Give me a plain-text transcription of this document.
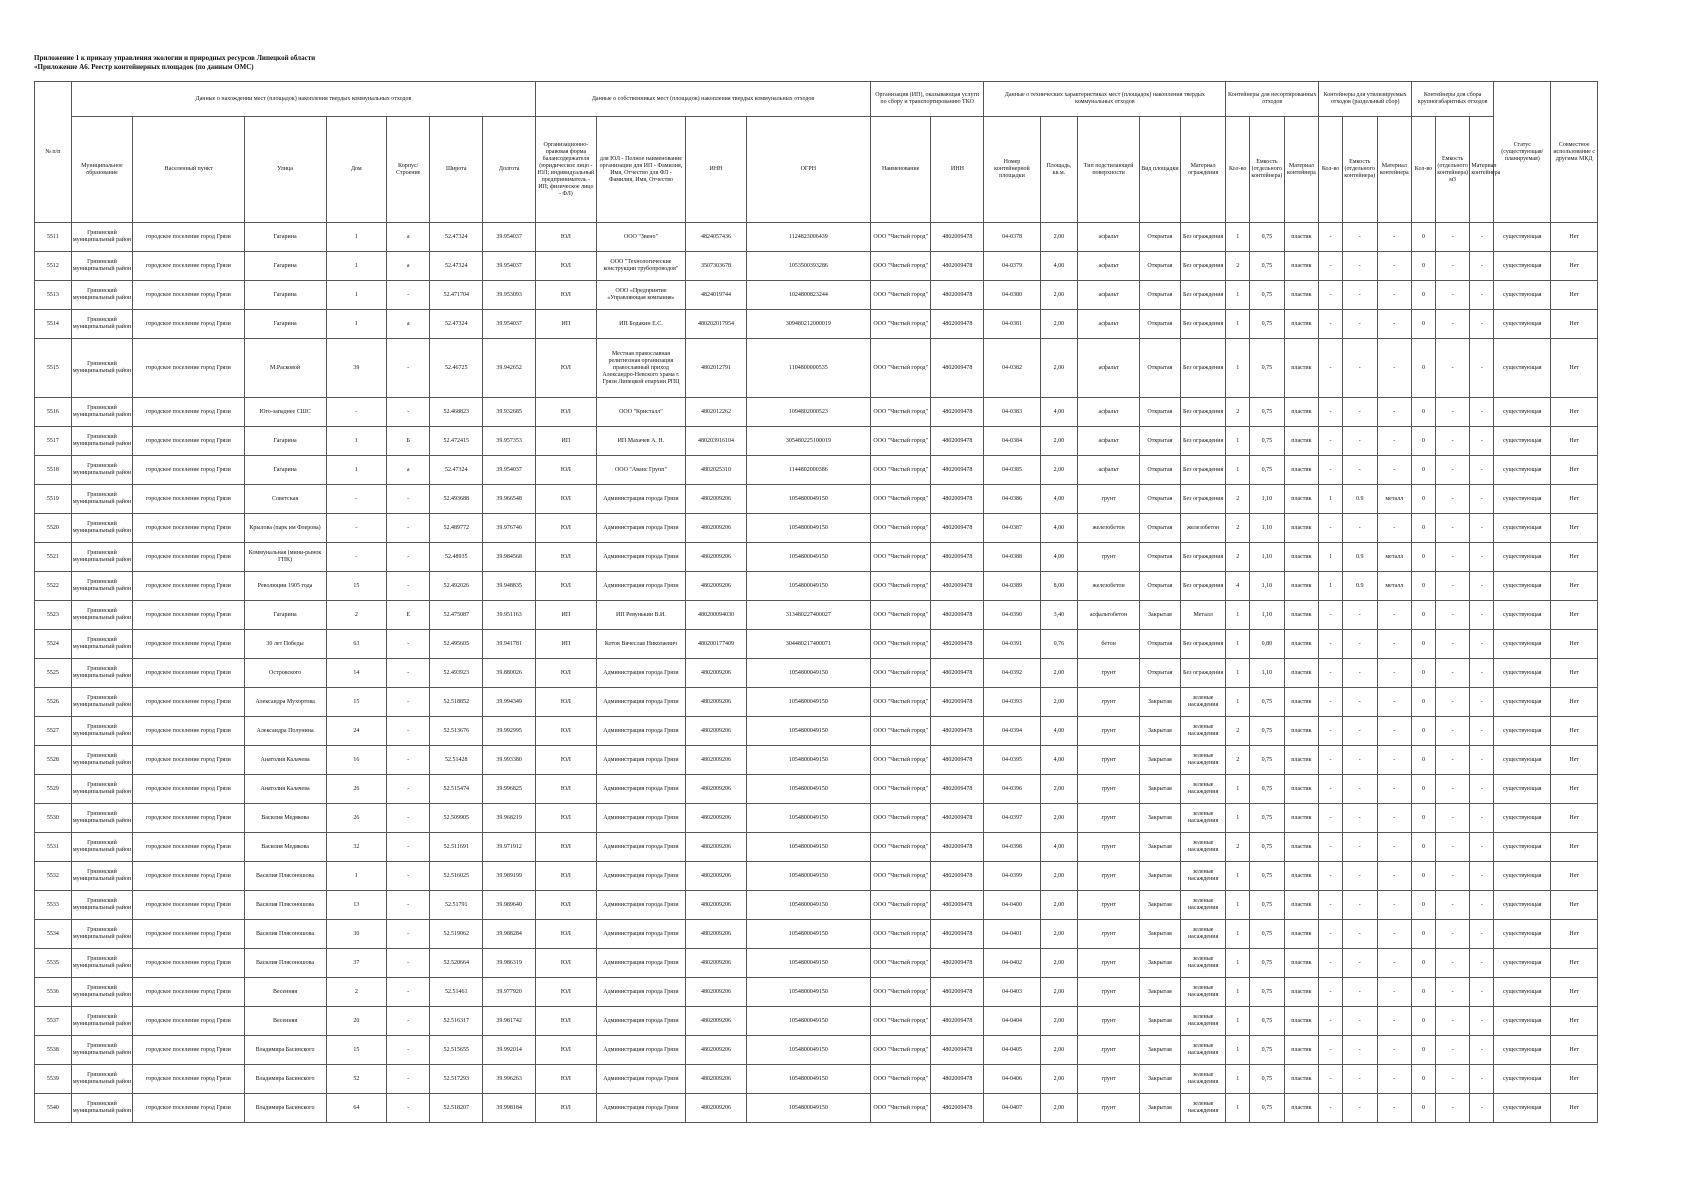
Приложение 1 к приказу управления экологии и природных ресурсов Липецкой области
«Приложение А6. Реестр контейнерных площадок (по данным ОМС)
№ п/п	Данные о нахождении мест (площадок) накопления твердых коммунальных отходов							Данные о собственниках мест (площадок) накопления твердых коммунальных отходов				Организация (ИП), оказывающая услуги по сбору и транспортированию ТКО		Данные о технических характеристиках мест (площадок) накопления твердых коммунальных отходов					Контейнеры для несортированных отходов			Контейнеры для утилизируемых отходов (раздельный сбор)			Контейнеры для сбора крупногабаритных отходов			Статус (существующая/планируемая)	Совместное использование с другими МКД
	Муниципальное образование	Населенный пункт	Улица	Дом	Корпус/Строение	Широта	Долгота	Организационно-правовая форма балансодержателя (юридическое лицо - ЮЛ; индивидуальный предприниматель - ИП; физическое лицо - ФЛ)	для ЮЛ - Полное наименование организации для ИП - Фамилия, Имя, Отчество для ФЛ - Фамилия, Имя, Отчество	ИНН	ОГРН	Наименование	ИНН	Номер контейнерной площадки	Площадь, кв.м.	Тип подстилающей поверхности	Вид площадки	Материал ограждения	Кол-во	Емкость (отдельного контейнера)	Материал контейнера	Кол-во	Емкость (отдельного контейнера)	Материал контейнера	Кол-во	Емкость (отдельного контейнера) м3	Материал контейнера		
5511	Грязинский муниципальный район	городское поселение город Грязи	Гагарина	1	а	52.47324	39.954037	ЮЛ	ООО "Звено"	4824057436	1124823006439	ООО "Чистый город"	4802009478	04-0378	2,00	асфальт	Открытая	Без ограждения	1	0,75	пластик	-	-	-	0	-	-	существующая	Нет
5512	Грязинский муниципальный район	городское поселение город Грязи	Гагарина	1	а	52.47324	39.954037	ЮЛ	ООО "Технологические конструкции трубопроводов"	3507303678	1053500393286	ООО "Чистый город"	4802009478	04-0379	4,00	асфальт	Открытая	Без ограждения	2	0,75	пластик	-	-	-	0	-	-	существующая	Нет
5513	Грязинский муниципальный район	городское поселение город Грязи	Гагарина	1	-	52.471704	39.953093	ЮЛ	ООО «Предприятие «Управляющая компания»	4824019744	1024800823244	ООО "Чистый город"	4802009478	04-0380	2,00	асфальт	Открытая	Без ограждения	1	0,75	пластик	-	-	-	0	-	-	существующая	Нет
5514	Грязинский муниципальный район	городское поселение город Грязи	Гагарина	1	а	52.47324	39.954037	ИП	ИП Бодакин Е.С.	480202017954	309480212000019	ООО "Чистый город"	4802009478	04-0381	2,00	асфальт	Открытая	Без ограждения	1	0,75	пластик	-	-	-	0	-	-	существующая	Нет
5515	Грязинский муниципальный район	городское поселение город Грязи	М.Расковой	39	-	52.46725	39.942652	ЮЛ	Местная православная религиозная организация православный приход Александро-Невского храма г. Грязи Липецкой епархии РПЦ	4802012791	1104800000535	ООО "Чистый город"	4802009478	04-0382	2,00	асфальт	Открытая	Без ограждения	1	0,75	пластик	-	-	-	0	-	-	существующая	Нет
5516	Грязинский муниципальный район	городское поселение город Грязи	Юго-западнее СШС	-	-	52.468823	39.932685	ЮЛ	ООО "Кристалл"	4802012262	1094802000523	ООО "Чистый город"	4802009478	04-0383	4,00	асфальт	Открытая	Без ограждения	2	0,75	пластик	-	-	-	0	-	-	существующая	Нет
5517	Грязинский муниципальный район	городское поселение город Грязи	Гагарина	1	Б	52.472415	39.957353	ИП	ИП Махачев А. Н.	480203916104	305480225100019	ООО "Чистый город"	4802009478	04-0384	2,00	асфальт	Открытая	Без ограждения	1	0,75	пластик	-	-	-	0	-	-	существующая	Нет
5518	Грязинский муниципальный район	городское поселение город Грязи	Гагарина	1	а	52.47324	39.954037	ЮЛ	ООО "Аванс Групп"	4802025310	1144802000386	ООО "Чистый город"	4802009478	04-0385	2,00	асфальт	Открытая	Без ограждения	1	0,75	пластик	-	-	-	0	-	-	существующая	Нет
5519	Грязинский муниципальный район	городское поселение город Грязи	Советская	-	-	52.493688	39.966548	ЮЛ	Администрация города Грязи	4802009206	1054800049150	ООО "Чистый город"	4802009478	04-0386	4,00	грунт	Открытая	Без ограждения	2	1,10	пластик	1	0.9	металл	0	-	-	существующая	Нет
5520	Грязинский муниципальный район	городское поселение город Грязи	Крылова (парк им Флерова)	-	-	52.489772	39.976746	ЮЛ	Администрация города Грязи	4802009206	1054800049150	ООО "Чистый город"	4802009478	04-0387	4,00	железобетон	Открытая	железобетон	2	1,10	пластик	-	-	-	0	-	-	существующая	Нет
5521	Грязинский муниципальный район	городское поселение город Грязи	Коммунальная (мини-рынок ГПК)	-	-	52.48935	39.984568	ЮЛ	Администрация города Грязи	4802009206	1054800049150	ООО "Чистый город"	4802009478	04-0388	4,00	грунт	Открытая	Без ограждения	2	1,10	пластик	1	0.9	металл	0	-	-	существующая	Нет
5522	Грязинский муниципальный район	городское поселение город Грязи	Революции 1905 года	15	-	52.492026	39.948835	ЮЛ	Администрация города Грязи	4802009206	1054800049150	ООО "Чистый город"	4802009478	04-0389	8,00	железобетон	Открытая	Без ограждения	4	1,10	пластик	1	0.9	металл	0	-	-	существующая	Нет
5523	Грязинский муниципальный район	городское поселение город Грязи	Гагарина	2	Е	52.475087	39.951163	ИП	ИП Ревунькин В.И.	480200094030	313480227400027	ООО "Чистый город"	4802009478	04-0390	3,40	асфальтобетон	Закрытая	Металл	1	1,10	пластик	-	-	-	0	-	-	существующая	Нет
5524	Грязинский муниципальный район	городское поселение город Грязи	30 лет Победы	63	-	52.495605	39.941781	ИП	Котов Вячеслав Николаевич	480200177409	304480217400071	ООО "Чистый город"	4802009478	04-0391	0,76	бетон	Открытая	Без ограждения	1	0,80	пластик	-	-	-	0	-	-	существующая	Нет
5525	Грязинский муниципальный район	городское поселение город Грязи	Островского	14	-	52.493923	39.880026	ЮЛ	Администрация города Грязи	4802009206	1054800049150	ООО "Чистый город"	4802009478	04-0392	2,00	грунт	Открытая	Без ограждения	1	1,10	пластик	-	-	-	0	-	-	существующая	Нет
5526	Грязинский муниципальный район	городское поселение город Грязи	Александра Мухортова	15	-	52.518852	39.994349	ЮЛ	Администрация города Грязи	4802009206	1054800049150	ООО "Чистый город"	4802009478	04-0393	2,00	грунт	Закрытая	зеленые насаждения	1	0,75	пластик	-	-	-	0	-	-	существующая	Нет
5527	Грязинский муниципальный район	городское поселение город Грязи	Александра Полунина	24	-	52.513676	39.992995	ЮЛ	Администрация города Грязи	4802009206	1054800049150	ООО "Чистый город"	4802009478	04-0394	4,00	грунт	Закрытая	зеленые насаждения	2	0,75	пластик	-	-	-	0	-	-	существующая	Нет
5528	Грязинский муниципальный район	городское поселение город Грязи	Анатолия Калачева	16	-	52.51428	39.993380	ЮЛ	Администрация города Грязи	4802009206	1054800049150	ООО "Чистый город"	4802009478	04-0395	4,00	грунт	Закрытая	зеленые насаждения	2	0,75	пластик	-	-	-	0	-	-	существующая	Нет
5529	Грязинский муниципальный район	городское поселение город Грязи	Анатолия Калачева	26	-	52.515474	39.996825	ЮЛ	Администрация города Грязи	4802009206	1054800049150	ООО "Чистый город"	4802009478	04-0396	2,00	грунт	Закрытая	зеленые насаждения	1	0,75	пластик	-	-	-	0	-	-	существующая	Нет
5530	Грязинский муниципальный район	городское поселение город Грязи	Василия Медякова	26	-	52.509905	39.968219	ЮЛ	Администрация города Грязи	4802009206	1054800049150	ООО "Чистый город"	4802009478	04-0397	2,00	грунт	Закрытая	зеленые насаждения	1	0,75	пластик	-	-	-	0	-	-	существующая	Нет
5531	Грязинский муниципальный район	городское поселение город Грязи	Василия Медякова	32	-	52.511691	39.971912	ЮЛ	Администрация города Грязи	4802009206	1054800049150	ООО "Чистый город"	4802009478	04-0398	4,00	грунт	Закрытая	зеленые насаждения	2	0,75	пластик	-	-	-	0	-	-	существующая	Нет
5532	Грязинский муниципальный район	городское поселение город Грязи	Василия Плясоношова	1	-	52.516025	39.989199	ЮЛ	Администрация города Грязи	4802009206	1054800049150	ООО "Чистый город"	4802009478	04-0399	2,00	грунт	Закрытая	зеленые насаждения	1	0,75	пластик	-	-	-	0	-	-	существующая	Нет
5533	Грязинский муниципальный район	городское поселение город Грязи	Василия Плясоношова	13	-	52.51791	39.989640	ЮЛ	Администрация города Грязи	4802009206	1054800049150	ООО "Чистый город"	4802009478	04-0400	2,00	грунт	Закрытая	зеленые насаждения	1	0,75	пластик	-	-	-	0	-	-	существующая	Нет
5534	Грязинский муниципальный район	городское поселение город Грязи	Василия Плясоношова	30	-	52.519062	39.988284	ЮЛ	Администрация города Грязи	4802009206	1054800049150	ООО "Чистый город"	4802009478	04-0401	2,00	грунт	Закрытая	зеленые насаждения	1	0,75	пластик	-	-	-	0	-	-	существующая	Нет
5535	Грязинский муниципальный район	городское поселение город Грязи	Василия Плясоношова	37	-	52.520664	39.986319	ЮЛ	Администрация города Грязи	4802009206	1054800049150	ООО "Чистый город"	4802009478	04-0402	2,00	грунт	Закрытая	зеленые насаждения	1	0,75	пластик	-	-	-	0	-	-	существующая	Нет
5536	Грязинский муниципальный район	городское поселение город Грязи	Весенняя	2	-	52.51461	39.977920	ЮЛ	Администрация города Грязи	4802009206	1054800049150	ООО "Чистый город"	4802009478	04-0403	2,00	грунт	Закрытая	зеленые насаждения	1	0,75	пластик	-	-	-	0	-	-	существующая	Нет
5537	Грязинский муниципальный район	городское поселение город Грязи	Весенняя	20	-	52.516317	39.981742	ЮЛ	Администрация города Грязи	4802009206	1054800049150	ООО "Чистый город"	4802009478	04-0404	2,00	грунт	Закрытая	зеленые насаждения	1	0,75	пластик	-	-	-	0	-	-	существующая	Нет
5538	Грязинский муниципальный район	городское поселение город Грязи	Владимира Басинского	15	-	52.515655	39.992014	ЮЛ	Администрация города Грязи	4802009206	1054800049150	ООО "Чистый город"	4802009478	04-0405	2,00	грунт	Закрытая	зеленые насаждения	1	0,75	пластик	-	-	-	0	-	-	существующая	Нет
5539	Грязинский муниципальный район	городское поселение город Грязи	Владимира Басинского	52	-	52.517293	39.996263	ЮЛ	Администрация города Грязи	4802009206	1054800049150	ООО "Чистый город"	4802009478	04-0406	2,00	грунт	Закрытая	зеленые насаждения	1	0,75	пластик	-	-	-	0	-	-	существующая	Нет
5540	Грязинский муниципальный район	городское поселение город Грязи	Владимира Басинского	64	-	52.518207	39.998184	ЮЛ	Администрация города Грязи	4802009206	1054800049150	ООО "Чистый город"	4802009478	04-0407	2,00	грунт	Закрытая	зеленые насаждения	1	0,75	пластик	-	-	-	0	-	-	существующая	Нет
